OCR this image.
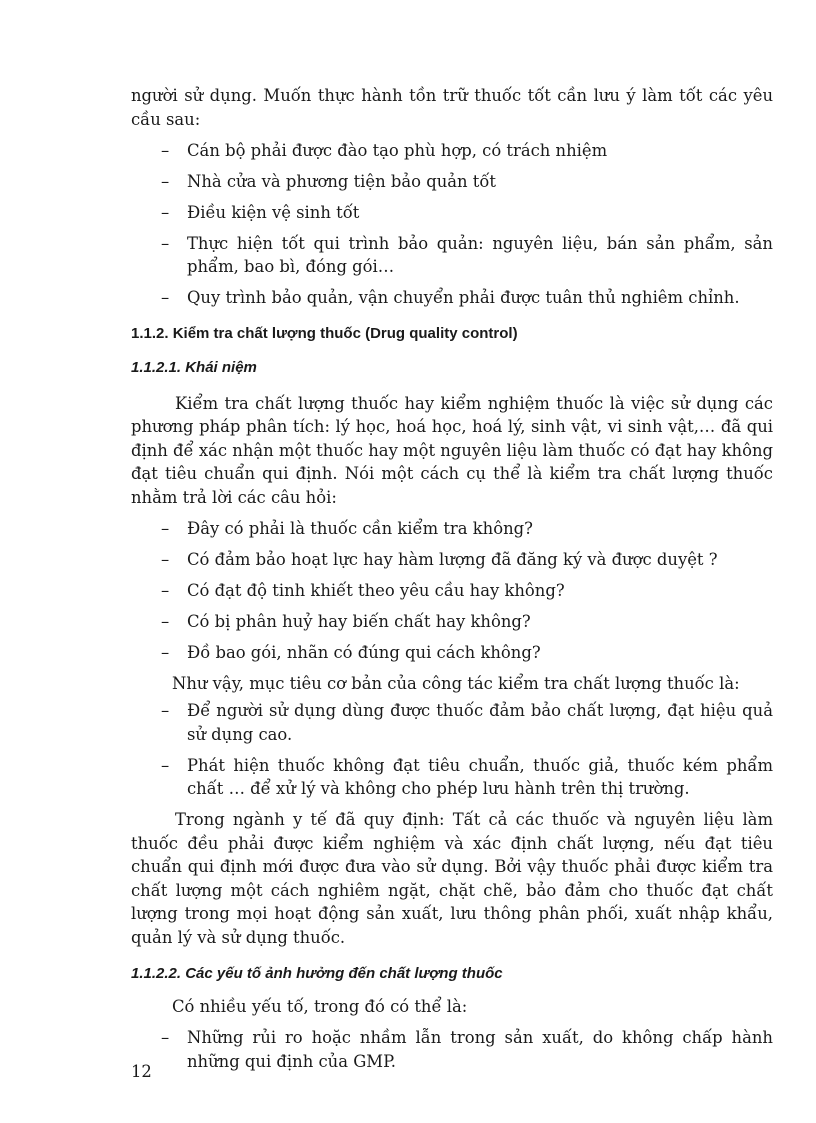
người sử dụng. Muốn thực hành tồn trữ thuốc tốt cần lưu ý làm tốt các yêu cầu sau:

– Cán bộ phải được đào tạo phù hợp, có trách nhiệm
– Nhà cửa và phương tiện bảo quản tốt
– Điều kiện vệ sinh tốt
– Thực hiện tốt qui trình bảo quản: nguyên liệu, bán sản phẩm, sản phẩm, bao bì, đóng gói…
– Quy trình bảo quản, vận chuyển phải được tuân thủ nghiêm chỉnh.
1.1.2. Kiểm tra chất lượng thuốc (Drug quality control)
1.1.2.1. Khái niệm

Kiểm tra chất lượng thuốc hay kiểm nghiệm thuốc là việc sử dụng các phương pháp phân tích: lý học, hoá học, hoá lý, sinh vật, vi sinh vật,… đã qui định để xác nhận một thuốc hay một nguyên liệu làm thuốc có đạt hay không đạt tiêu chuẩn qui định. Nói một cách cụ thể là kiểm tra chất lượng thuốc nhằm trả lời các câu hỏi:

– Đây có phải là thuốc cần kiểm tra không?
– Có đảm bảo hoạt lực hay hàm lượng đã đăng ký và được duyệt ?
– Có đạt độ tinh khiết theo yêu cầu hay không?
– Có bị phân huỷ hay biến chất hay không?
– Đồ bao gói, nhãn có đúng qui cách không?

Như vậy, mục tiêu cơ bản của công tác kiểm tra chất lượng thuốc là:

– Để người sử dụng dùng được thuốc đảm bảo chất lượng, đạt hiệu quả sử dụng cao.
– Phát hiện thuốc không đạt tiêu chuẩn, thuốc giả, thuốc kém phẩm chất … để xử lý và không cho phép lưu hành trên thị trường.

Trong ngành y tế đã quy định: Tất cả các thuốc và nguyên liệu làm thuốc đều phải được kiểm nghiệm và xác định chất lượng, nếu đạt tiêu chuẩn qui định mới được đưa vào sử dụng. Bởi vậy thuốc phải được kiểm tra chất lượng một cách nghiêm ngặt, chặt chẽ, bảo đảm cho thuốc đạt chất lượng trong mọi hoạt động sản xuất, lưu thông phân phối, xuất nhập khẩu, quản lý và sử dụng thuốc.

1.1.2.2. Các yếu tố ảnh hưởng đến chất lượng thuốc

Có nhiều yếu tố, trong đó có thể là:

– Những rủi ro hoặc nhầm lẫn trong sản xuất, do không chấp hành những qui định của GMP.
12
